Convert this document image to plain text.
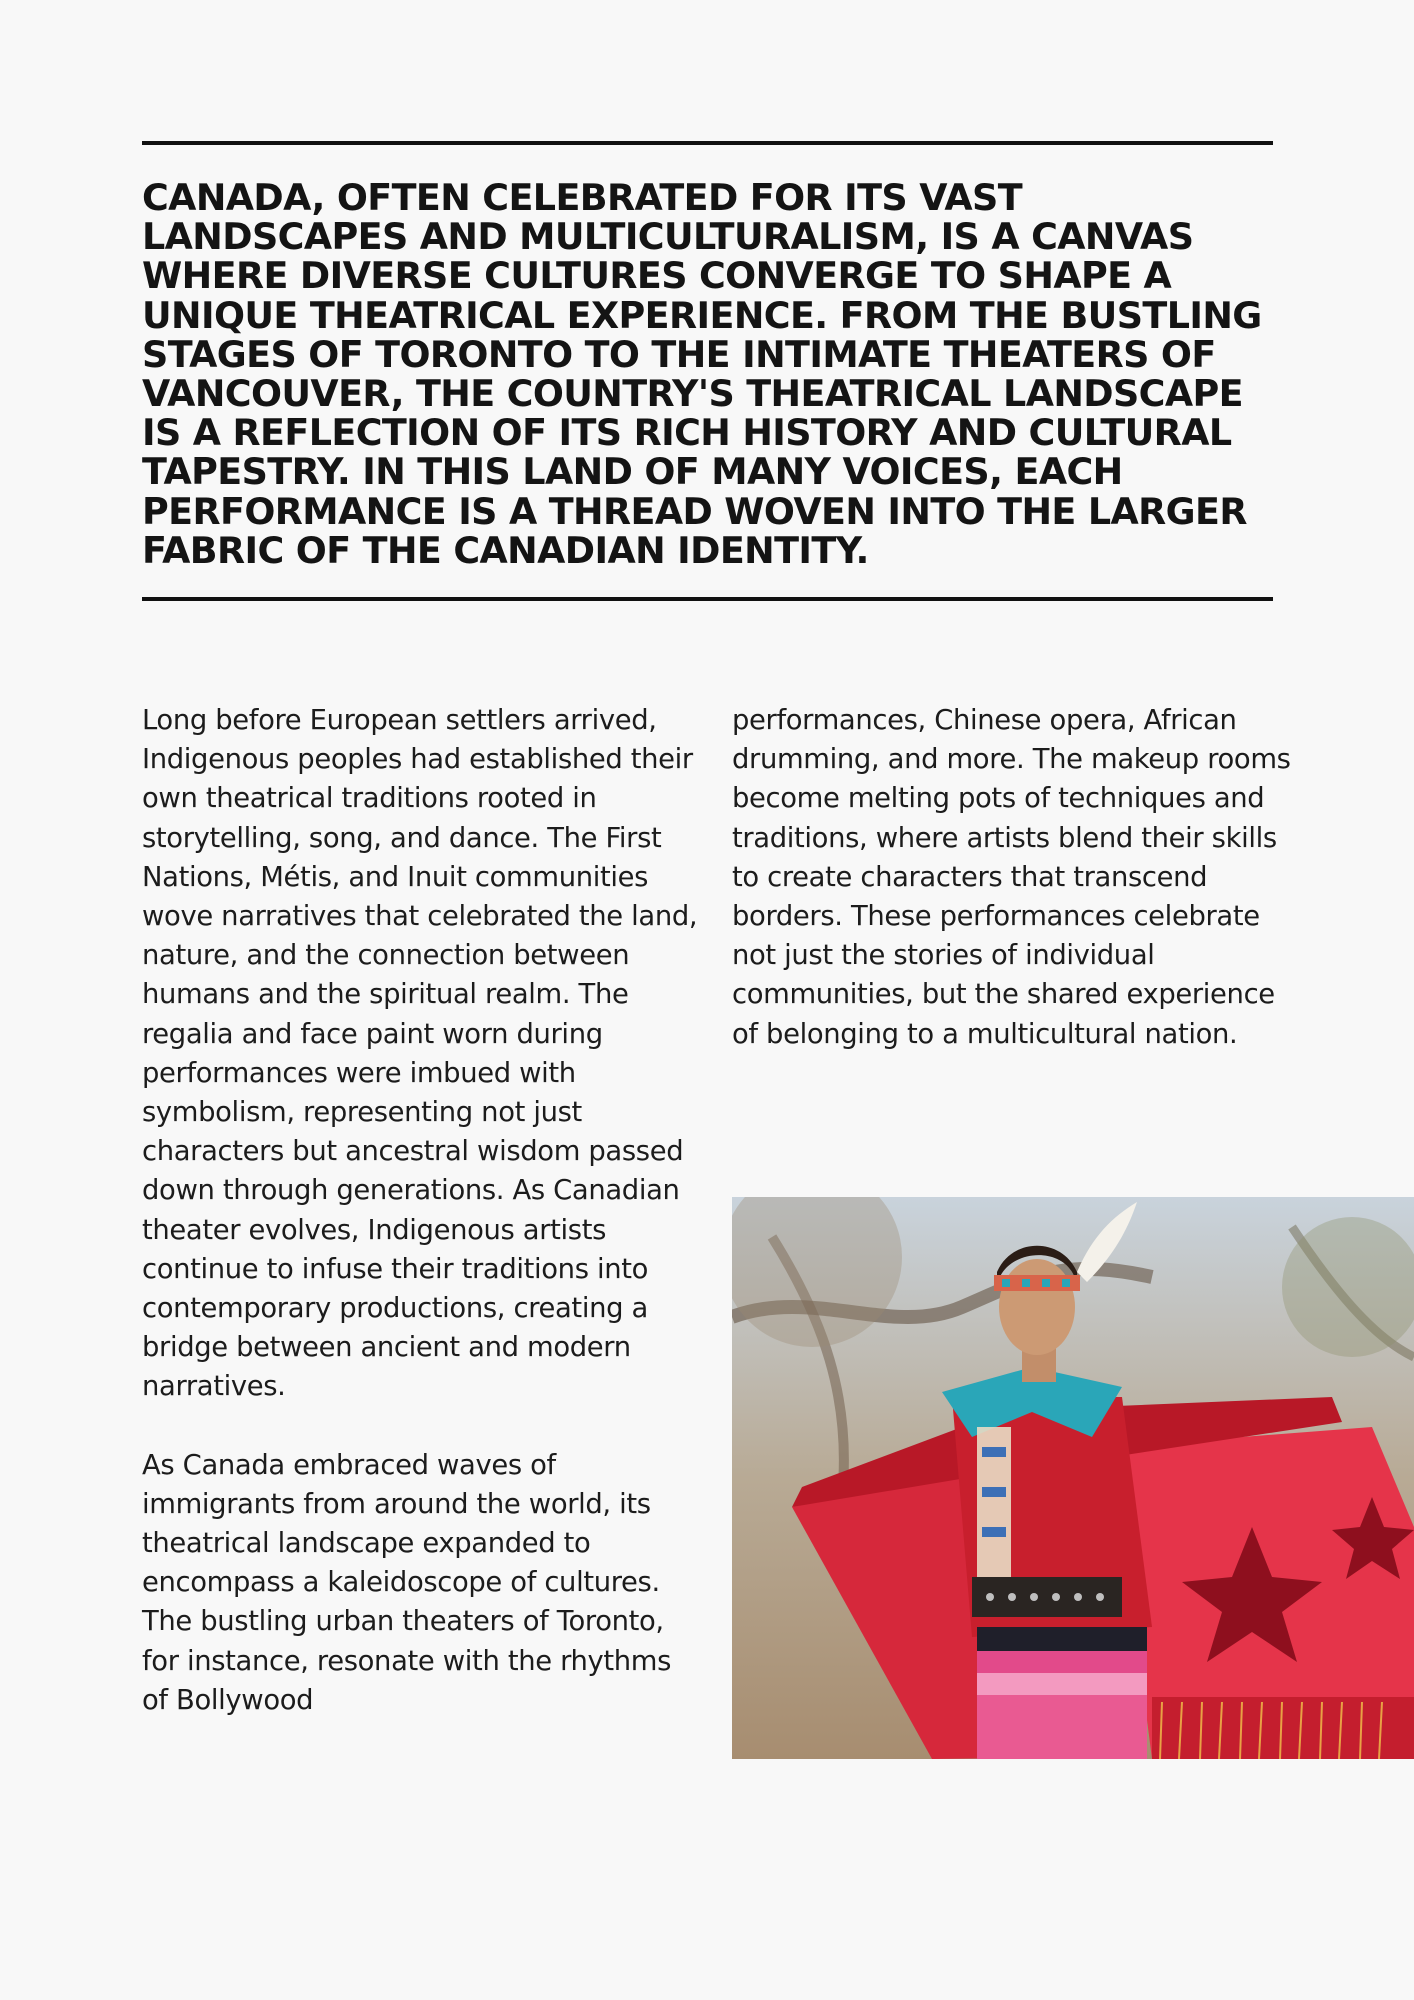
CANADA, OFTEN CELEBRATED FOR ITS VAST LANDSCAPES AND MULTICULTURALISM, IS A CANVAS WHERE DIVERSE CULTURES CONVERGE TO SHAPE A UNIQUE THEATRICAL EXPERIENCE. FROM THE BUSTLING STAGES OF TORONTO TO THE INTIMATE THEATERS OF VANCOUVER, THE COUNTRY'S THEATRICAL LANDSCAPE IS A REFLECTION OF ITS RICH HISTORY AND CULTURAL TAPESTRY. IN THIS LAND OF MANY VOICES, EACH PERFORMANCE IS A THREAD WOVEN INTO THE LARGER FABRIC OF THE CANADIAN IDENTITY.

Long before European settlers arrived, Indigenous peoples had established their own theatrical traditions rooted in storytelling, song, and dance. The First Nations, Métis, and Inuit communities wove narratives that celebrated the land, nature, and the connection between humans and the spiritual realm. The regalia and face paint worn during performances were imbued with symbolism, representing not just characters but ancestral wisdom passed down through generations. As Canadian theater evolves, Indigenous artists continue to infuse their traditions into contemporary productions, creating a bridge between ancient and modern narratives.

As Canada embraced waves of immigrants from around the world, its theatrical landscape expanded to encompass a kaleidoscope of cultures. The bustling urban theaters of Toronto, for instance, resonate with the rhythms of Bollywood

performances, Chinese opera, African drumming, and more. The makeup rooms become melting pots of techniques and traditions, where artists blend their skills to create characters that transcend borders. These performances celebrate not just the stories of individual communities, but the shared experience of belonging to a multicultural nation.
